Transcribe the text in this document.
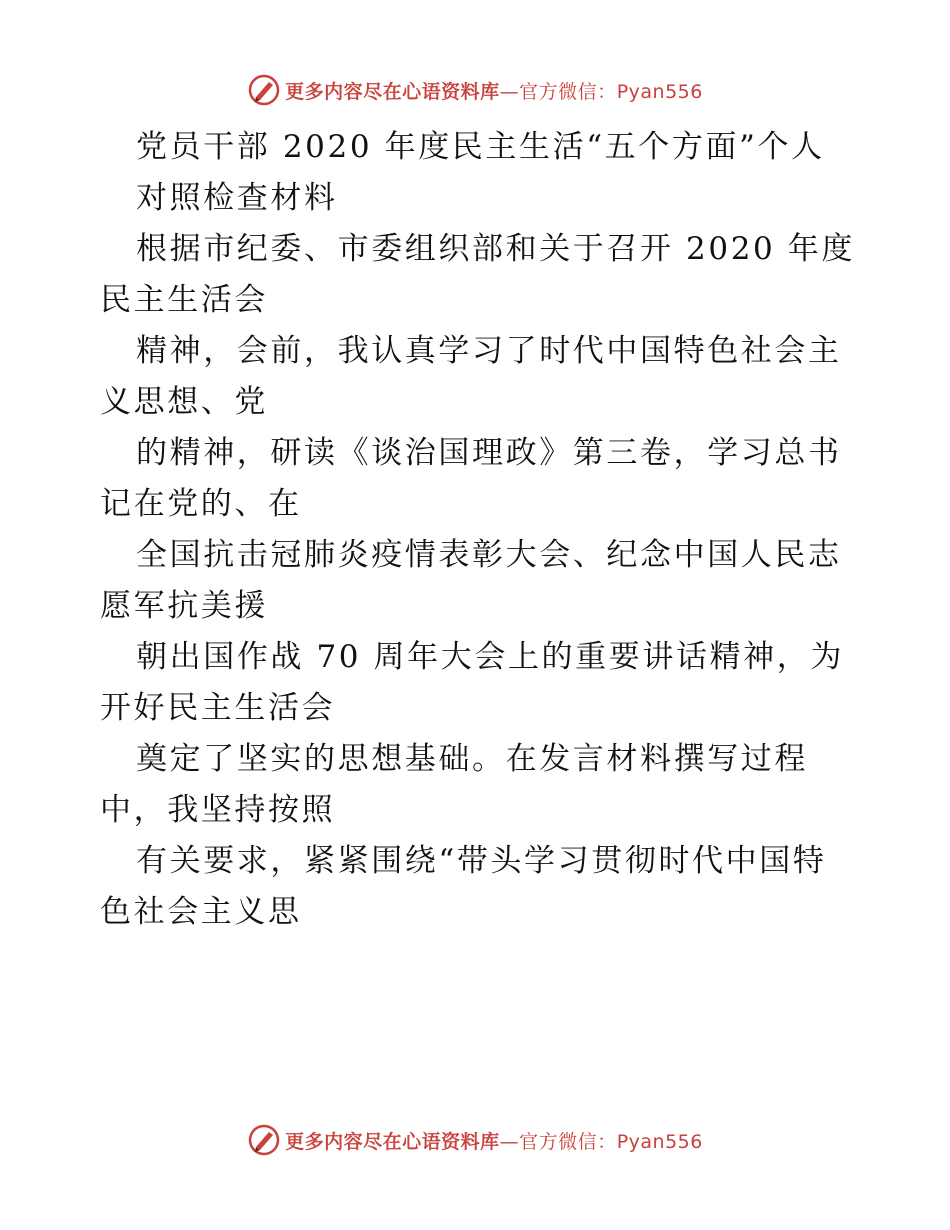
更多内容尽在心语资料库—官方微信：Pyan556
党员干部 2020 年度民主生活“五个方面”个人
对照检查材料
根据市纪委、市委组织部和关于召开 2020 年度
民主生活会
精神，会前，我认真学习了时代中国特色社会主
义思想、党
的精神，研读《谈治国理政》第三卷，学习总书
记在党的、在
全国抗击冠肺炎疫情表彰大会、纪念中国人民志
愿军抗美援
朝出国作战 70 周年大会上的重要讲话精神，为
开好民主生活会
奠定了坚实的思想基础。在发言材料撰写过程
中，我坚持按照
有关要求，紧紧围绕“带头学习贯彻时代中国特
色社会主义思
更多内容尽在心语资料库—官方微信：Pyan556
